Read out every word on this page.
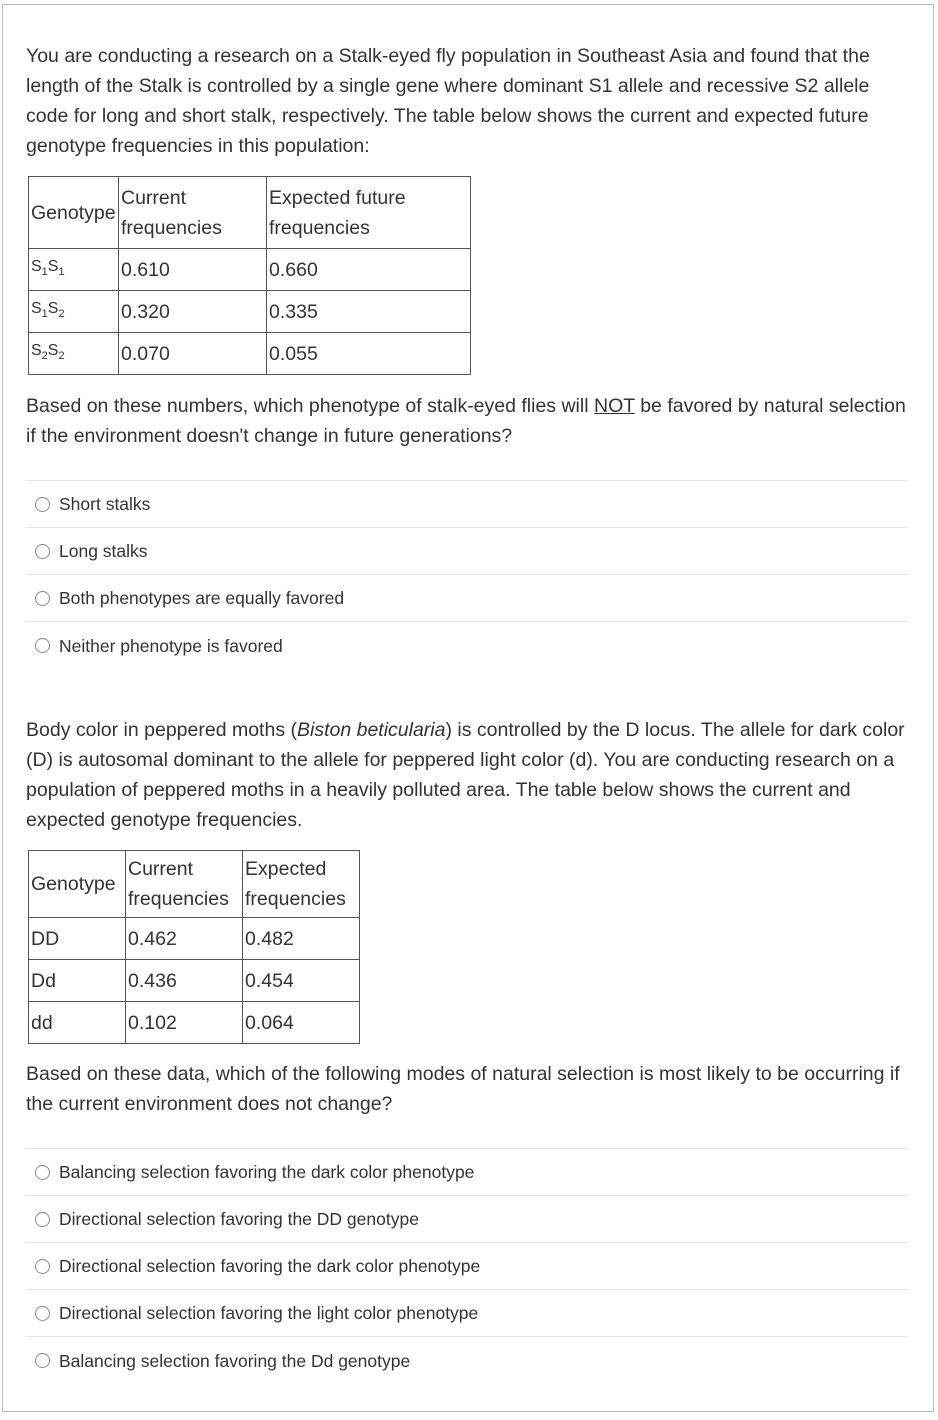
You are conducting a research on a Stalk-eyed fly population in Southeast Asia and found that the length of the Stalk is controlled by a single gene where dominant S1 allele and recessive S2 allele code for long and short stalk, respectively. The table below shows the current and expected future genotype frequencies in this population:
Genotype	Current frequencies	Expected future frequencies
$S_1S_1$	0.610	0.660
$S_1S_2$	0.320	0.335
$S_2S_2$	0.070	0.055
Based on these numbers, which phenotype of stalk-eyed flies will NOT be favored by natural selection if the environment doesn't change in future generations?
Short stalks
Long stalks
Both phenotypes are equally favored
Neither phenotype is favored
Body color in peppered moths (Biston beticularia) is controlled by the D locus. The allele for dark color (D) is autosomal dominant to the allele for peppered light color (d). You are conducting research on a population of peppered moths in a heavily polluted area. The table below shows the current and expected genotype frequencies.
Genotype	Current frequencies	Expected frequencies
DD	0.462	0.482
Dd	0.436	0.454
dd	0.102	0.064
Based on these data, which of the following modes of natural selection is most likely to be occurring if the current environment does not change?
Balancing selection favoring the dark color phenotype
Directional selection favoring the DD genotype
Directional selection favoring the dark color phenotype
Directional selection favoring the light color phenotype
Balancing selection favoring the Dd genotype
